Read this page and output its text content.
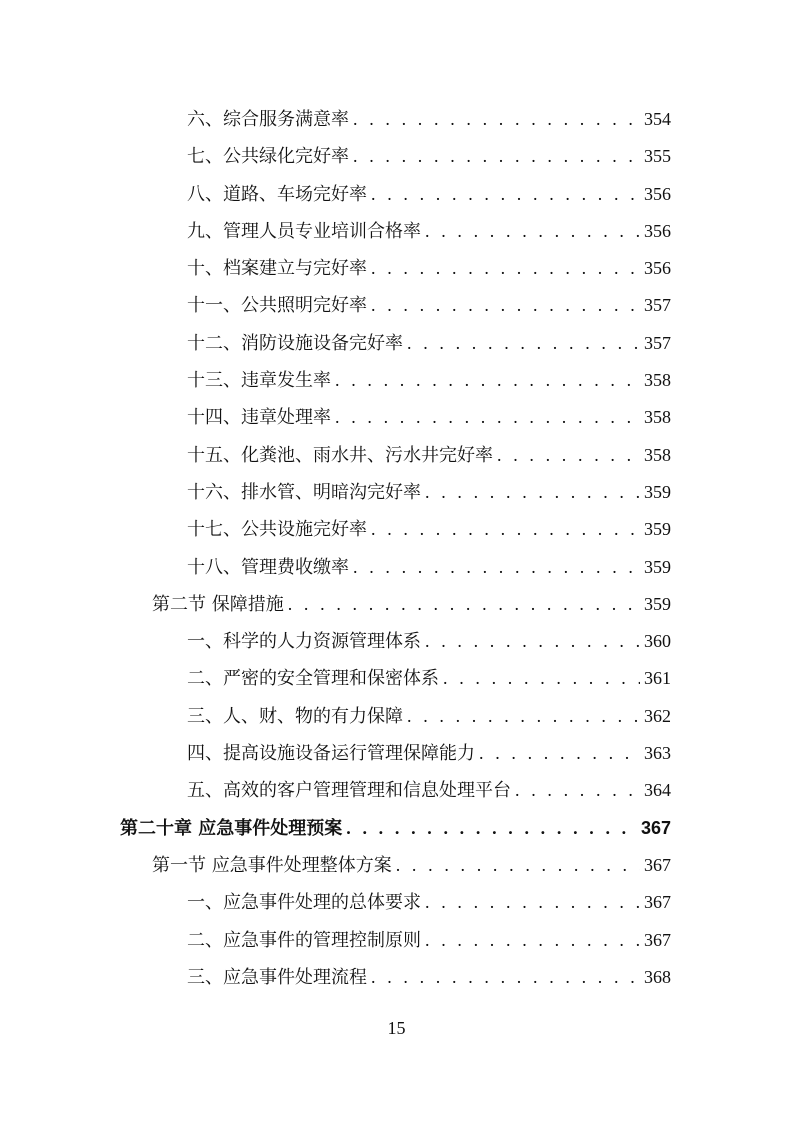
六、综合服务满意率 . . .	354
七、公共绿化完好率 . . .	355
八、道路、车场完好率 . . .	356
九、管理人员专业培训合格率 . . .	356
十、档案建立与完好率 . . .	356
十一、公共照明完好率 . . .	357
十二、消防设施设备完好率 . . .	357
十三、违章发生率 . . .	358
十四、违章处理率 . . .	358
十五、化粪池、雨水井、污水井完好率 . . .	358
十六、排水管、明暗沟完好率 . . .	359
十七、公共设施完好率 . . .	359
十八、管理费收缴率 . . .	359
第二节 保障措施 . . .	359
一、科学的人力资源管理体系 . . .	360
二、严密的安全管理和保密体系 . . .	361
三、人、财、物的有力保障 . . .	362
四、提高设施设备运行管理保障能力 . . .	363
五、高效的客户管理管理和信息处理平台 . . .	364
第二十章 应急事件处理预案 . . .	367
第一节 应急事件处理整体方案 . . .	367
一、应急事件处理的总体要求 . . .	367
二、应急事件的管理控制原则 . . .	367
三、应急事件处理流程 . . .	368
15
